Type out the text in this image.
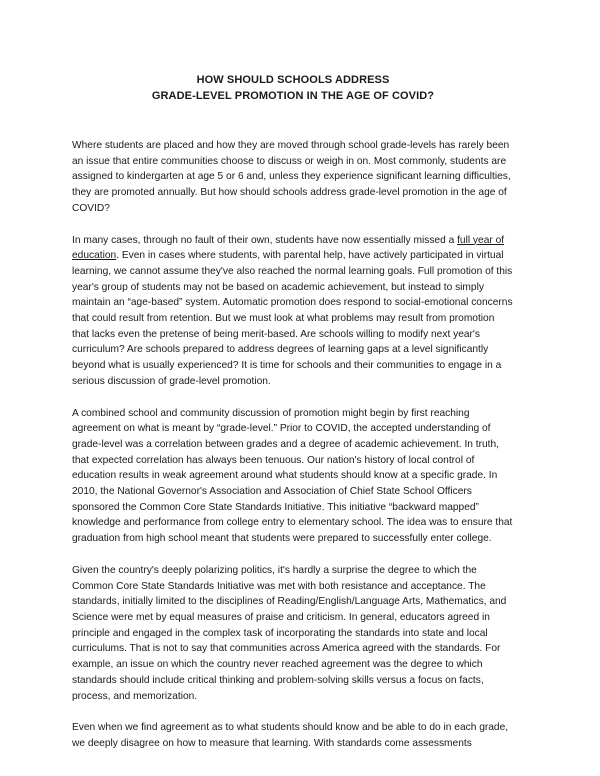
HOW SHOULD SCHOOLS ADDRESS
GRADE-LEVEL PROMOTION IN THE AGE OF COVID?

Where students are placed and how they are moved through school grade-levels has rarely been an issue that entire communities choose to discuss or weigh in on. Most commonly, students are assigned to kindergarten at age 5 or 6 and, unless they experience significant learning difficulties, they are promoted annually. But how should schools address grade-level promotion in the age of COVID?

In many cases, through no fault of their own, students have now essentially missed a full year of education. Even in cases where students, with parental help, have actively participated in virtual learning, we cannot assume they've also reached the normal learning goals. Full promotion of this year's group of students may not be based on academic achievement, but instead to simply maintain an “age-based” system. Automatic promotion does respond to social-emotional concerns that could result from retention. But we must look at what problems may result from promotion that lacks even the pretense of being merit-based. Are schools willing to modify next year's curriculum? Are schools prepared to address degrees of learning gaps at a level significantly beyond what is usually experienced? It is time for schools and their communities to engage in a serious discussion of grade-level promotion.

A combined school and community discussion of promotion might begin by first reaching agreement on what is meant by “grade-level.” Prior to COVID, the accepted understanding of grade-level was a correlation between grades and a degree of academic achievement. In truth, that expected correlation has always been tenuous. Our nation's history of local control of education results in weak agreement around what students should know at a specific grade. In 2010, the National Governor's Association and Association of Chief State School Officers sponsored the Common Core State Standards Initiative. This initiative “backward mapped” knowledge and performance from college entry to elementary school. The idea was to ensure that graduation from high school meant that students were prepared to successfully enter college.

Given the country's deeply polarizing politics, it's hardly a surprise the degree to which the Common Core State Standards Initiative was met with both resistance and acceptance. The standards, initially limited to the disciplines of Reading/English/Language Arts, Mathematics, and Science were met by equal measures of praise and criticism. In general, educators agreed in principle and engaged in the complex task of incorporating the standards into state and local curriculums. That is not to say that communities across America agreed with the standards. For example, an issue on which the country never reached agreement was the degree to which standards should include critical thinking and problem-solving skills versus a focus on facts, process, and memorization.

Even when we find agreement as to what students should know and be able to do in each grade, we deeply disagree on how to measure that learning. With standards come assessments
